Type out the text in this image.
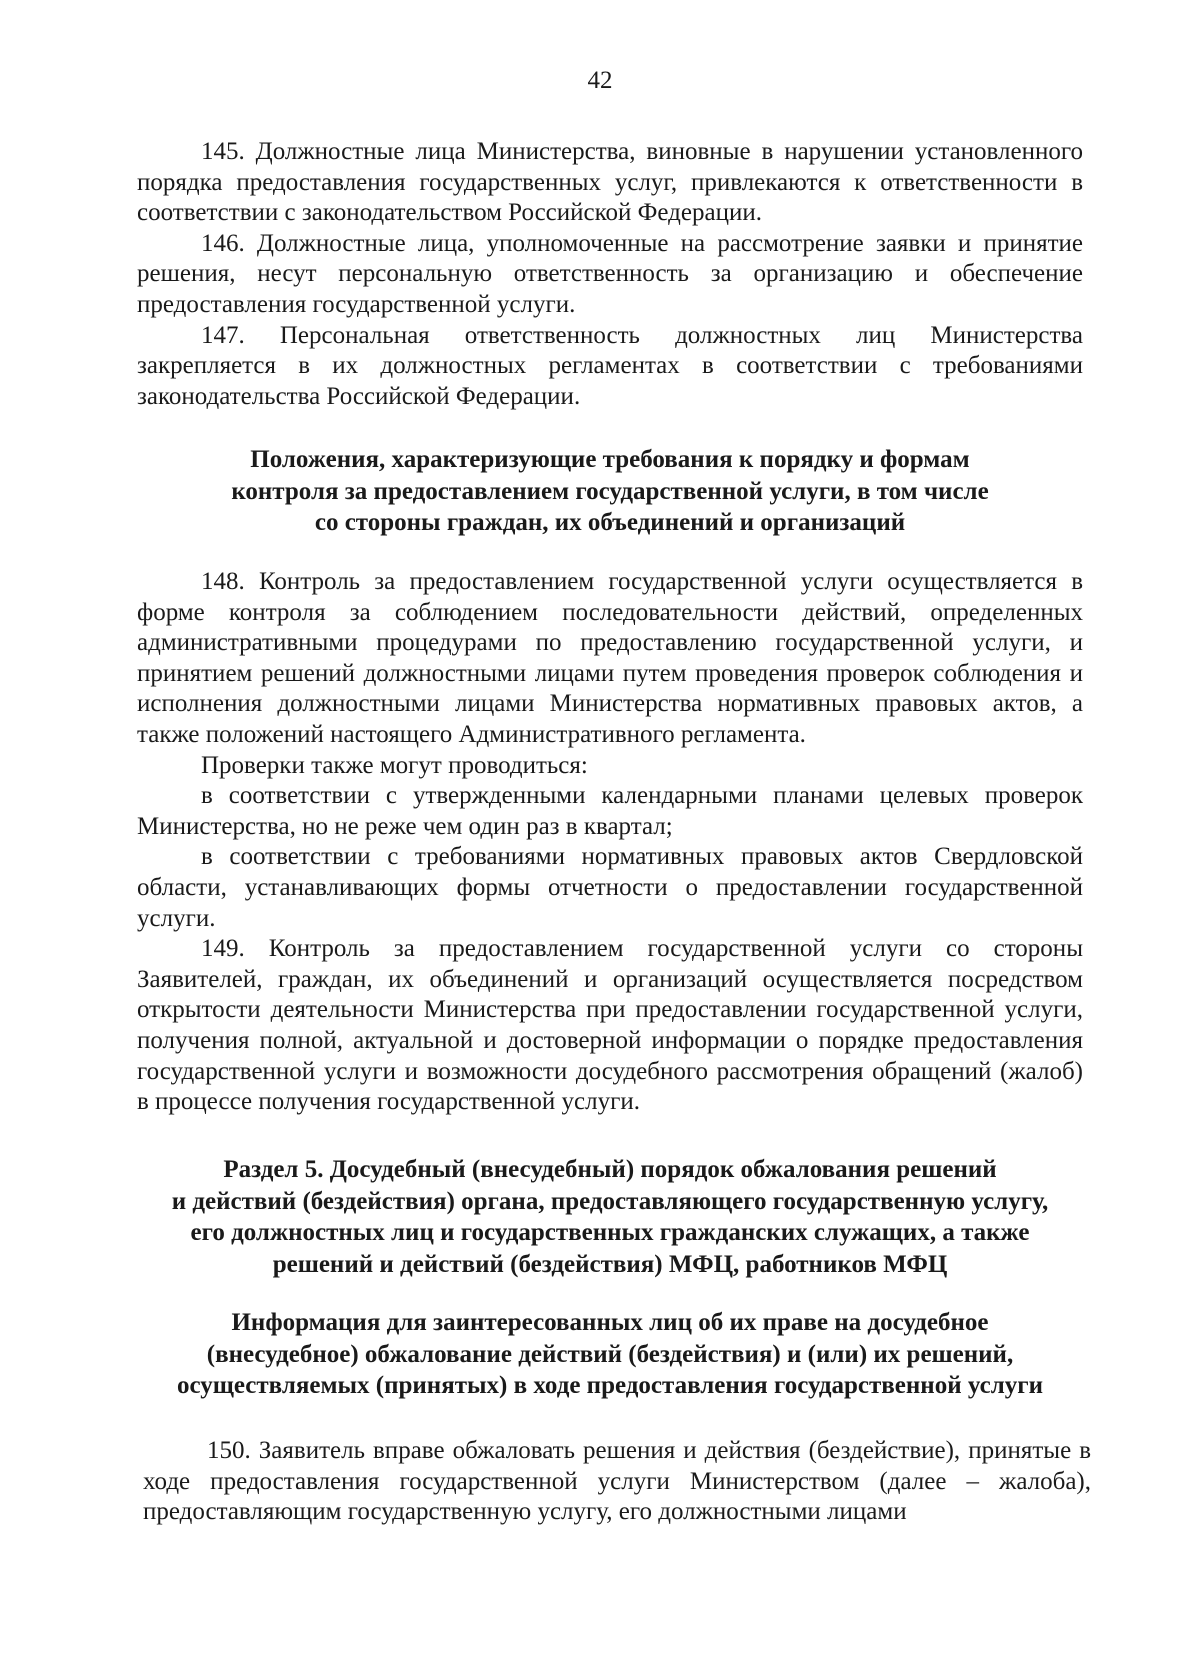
42

145. Должностные лица Министерства, виновные в нарушении установленного порядка предоставления государственных услуг, привлекаются к ответственности в соответствии с законодательством Российской Федерации.

146. Должностные лица, уполномоченные на рассмотрение заявки и принятие решения, несут персональную ответственность за организацию и обеспечение предоставления государственной услуги.

147. Персональная ответственность должностных лиц Министерства закрепляется в их должностных регламентах в соответствии с требованиями законодательства Российской Федерации.

Положения, характеризующие требования к порядку и формам
контроля за предоставлением государственной услуги, в том числе
со стороны граждан, их объединений и организаций

148. Контроль за предоставлением государственной услуги осуществляется в форме контроля за соблюдением последовательности действий, определенных административными процедурами по предоставлению государственной услуги, и принятием решений должностными лицами путем проведения проверок соблюдения и исполнения должностными лицами Министерства нормативных правовых актов, а также положений настоящего Административного регламента.

Проверки также могут проводиться:

в соответствии с утвержденными календарными планами целевых проверок Министерства, но не реже чем один раз в квартал;

в соответствии с требованиями нормативных правовых актов Свердловской области, устанавливающих формы отчетности о предоставлении государственной услуги.

149. Контроль за предоставлением государственной услуги со стороны Заявителей, граждан, их объединений и организаций осуществляется посредством открытости деятельности Министерства при предоставлении государственной услуги, получения полной, актуальной и достоверной информации о порядке предоставления государственной услуги и возможности досудебного рассмотрения обращений (жалоб) в процессе получения государственной услуги.

Раздел 5. Досудебный (внесудебный) порядок обжалования решений
и действий (бездействия) органа, предоставляющего государственную услугу,
его должностных лиц и государственных гражданских служащих, а также
решений и действий (бездействия) МФЦ, работников МФЦ
Информация для заинтересованных лиц об их праве на досудебное
(внесудебное) обжалование действий (бездействия) и (или) их решений,
осуществляемых (принятых) в ходе предоставления государственной услуги

150. Заявитель вправе обжаловать решения и действия (бездействие), принятые в ходе предоставления государственной услуги Министерством (далее – жалоба), предоставляющим государственную услугу, его должностными лицами
